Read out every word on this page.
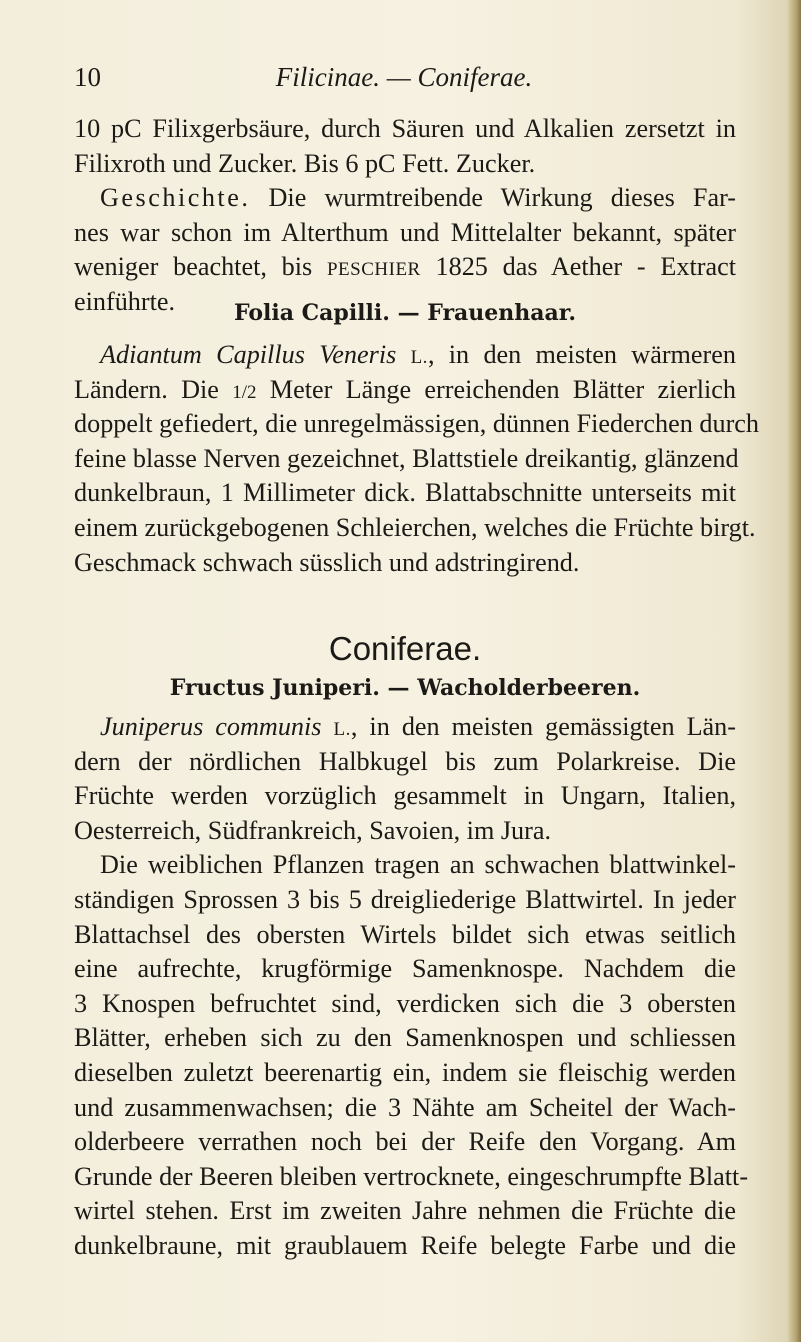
10	Filicinae. — Coniferae.
10 pC Filixgerbsäure, durch Säuren und Alkalien zersetzt in
Filixroth und Zucker. Bis 6 pC Fett. Zucker.
Geschichte. Die wurmtreibende Wirkung dieses Far-
nes war schon im Alterthum und Mittelalter bekannt, später
weniger beachtet, bis PESCHIER 1825 das Aether - Extract
einführte.	Folia Capilli. — Frauenhaar.
Adiantum Capillus Veneris L., in den meisten wärmeren
Ländern. Die 1/2 Meter Länge erreichenden Blätter zierlich
doppelt gefiedert, die unregelmässigen, dünnen Fiederchen durch
feine blasse Nerven gezeichnet, Blattstiele dreikantig, glänzend
dunkelbraun, 1 Millimeter dick. Blattabschnitte unterseits mit
einem zurückgebogenen Schleierchen, welches die Früchte birgt.
Geschmack schwach süsslich und adstringirend.
Coniferae.
Fructus Juniperi. — Wacholderbeeren.
Juniperus communis L., in den meisten gemässigten Län-
dern der nördlichen Halbkugel bis zum Polarkreise. Die
Früchte werden vorzüglich gesammelt in Ungarn, Italien,
Oesterreich, Südfrankreich, Savoien, im Jura.
Die weiblichen Pflanzen tragen an schwachen blattwinkel-
ständigen Sprossen 3 bis 5 dreigliederige Blattwirtel. In jeder
Blattachsel des obersten Wirtels bildet sich etwas seitlich
eine aufrechte, krugförmige Samenknospe. Nachdem die
3 Knospen befruchtet sind, verdicken sich die 3 obersten
Blätter, erheben sich zu den Samenknospen und schliessen
dieselben zuletzt beerenartig ein, indem sie fleischig werden
und zusammenwachsen; die 3 Nähte am Scheitel der Wach-
olderbeere verrathen noch bei der Reife den Vorgang. Am
Grunde der Beeren bleiben vertrocknete, eingeschrumpfte Blatt-
wirtel stehen. Erst im zweiten Jahre nehmen die Früchte die
dunkelbraune, mit graublauem Reife belegte Farbe und die
